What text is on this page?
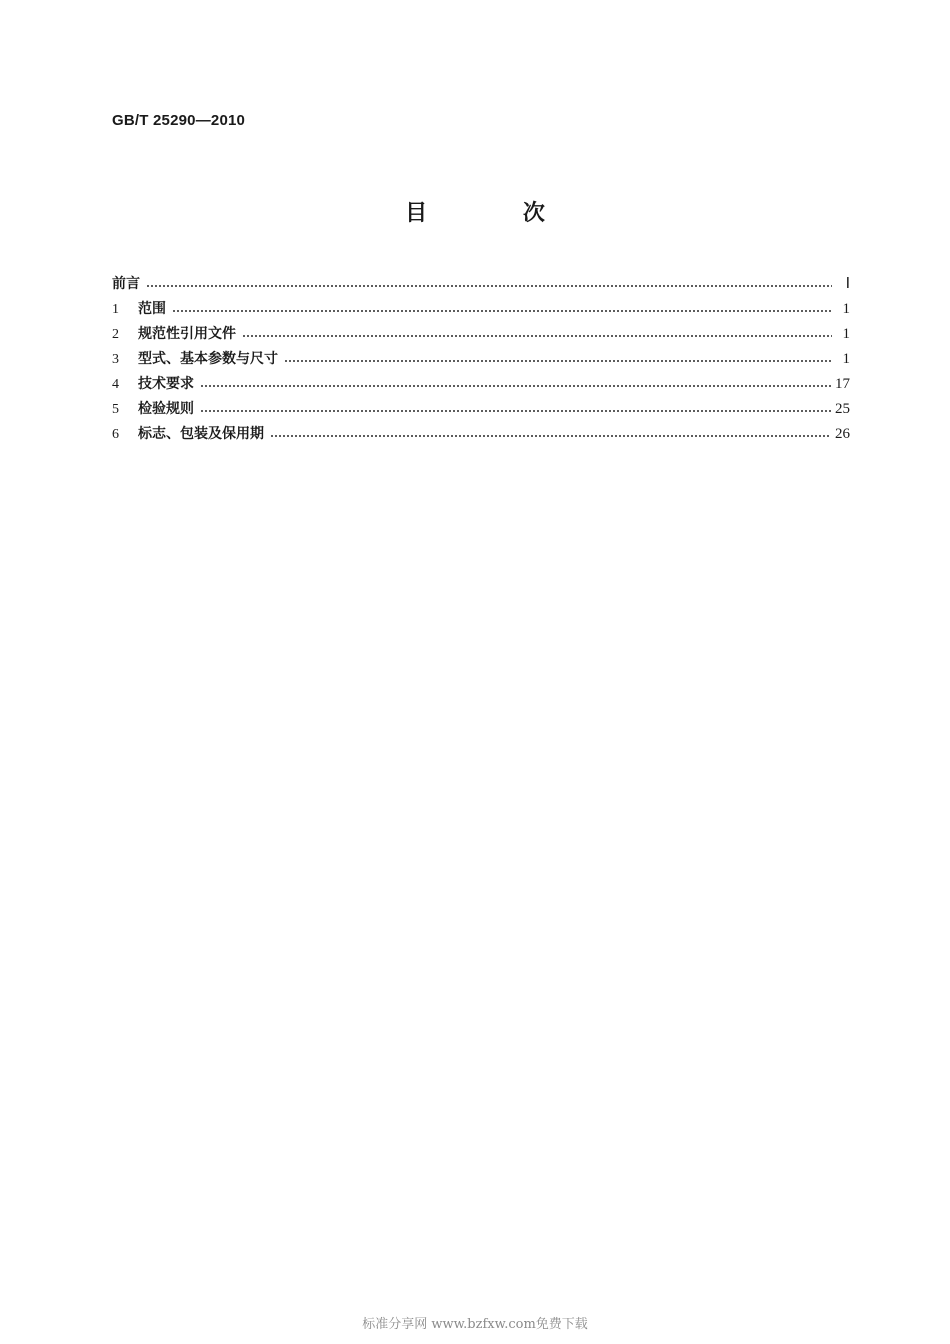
GB/T 25290—2010
目 次
前言	Ⅰ
1	范围	1
2	规范性引用文件	1
3	型式、基本参数与尺寸	1
4	技术要求	17
5	检验规则	25
6	标志、包装及保用期	26
标准分享网 www.bzfxw.com免费下载
